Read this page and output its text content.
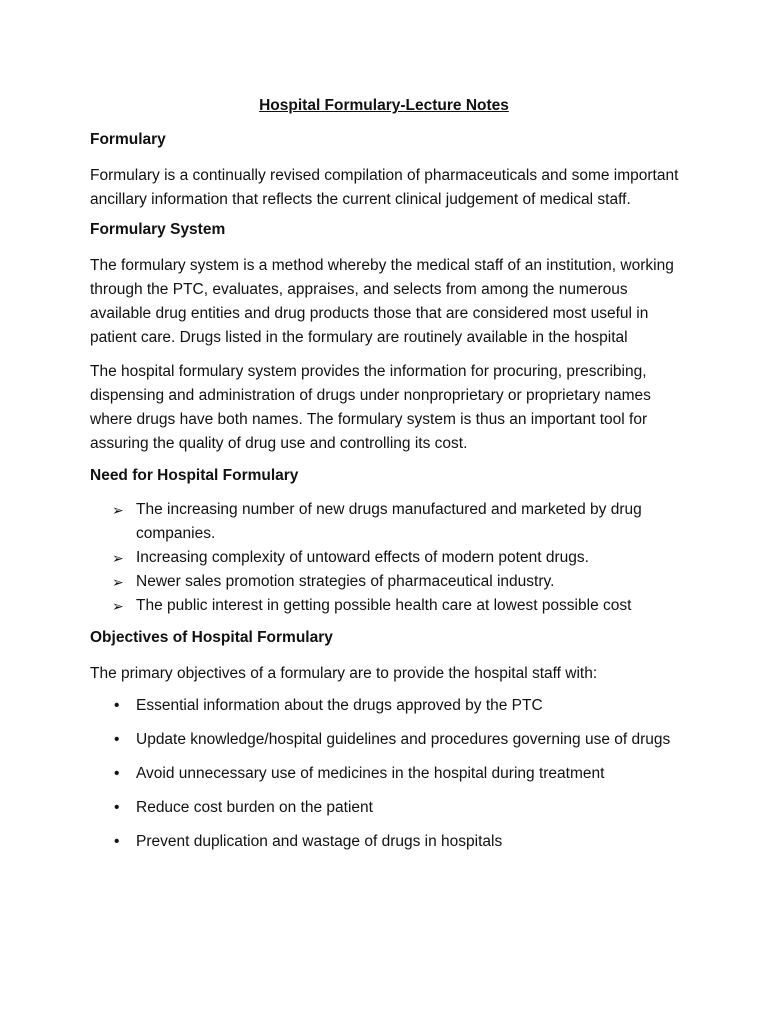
Hospital Formulary-Lecture Notes
Formulary
Formulary is a continually revised compilation of pharmaceuticals and some important ancillary information that reflects the current clinical judgement of medical staff.
Formulary System
The formulary system is a method whereby the medical staff of an institution, working through the PTC, evaluates, appraises, and selects from among the numerous available drug entities and drug products those that are considered most useful in patient care. Drugs listed in the formulary are routinely available in the hospital
The hospital formulary system provides the information for procuring, prescribing, dispensing and administration of drugs under nonproprietary or proprietary names where drugs have both names. The formulary system is thus an important tool for assuring the quality of drug use and controlling its cost.
Need for Hospital Formulary
➢ The increasing number of new drugs manufactured and marketed by drug companies.
➢ Increasing complexity of untoward effects of modern potent drugs.
➢ Newer sales promotion strategies of pharmaceutical industry.
➢ The public interest in getting possible health care at lowest possible cost
Objectives of Hospital Formulary
The primary objectives of a formulary are to provide the hospital staff with:
• Essential information about the drugs approved by the PTC
• Update knowledge/hospital guidelines and procedures governing use of drugs
• Avoid unnecessary use of medicines in the hospital during treatment
• Reduce cost burden on the patient
• Prevent duplication and wastage of drugs in hospitals
